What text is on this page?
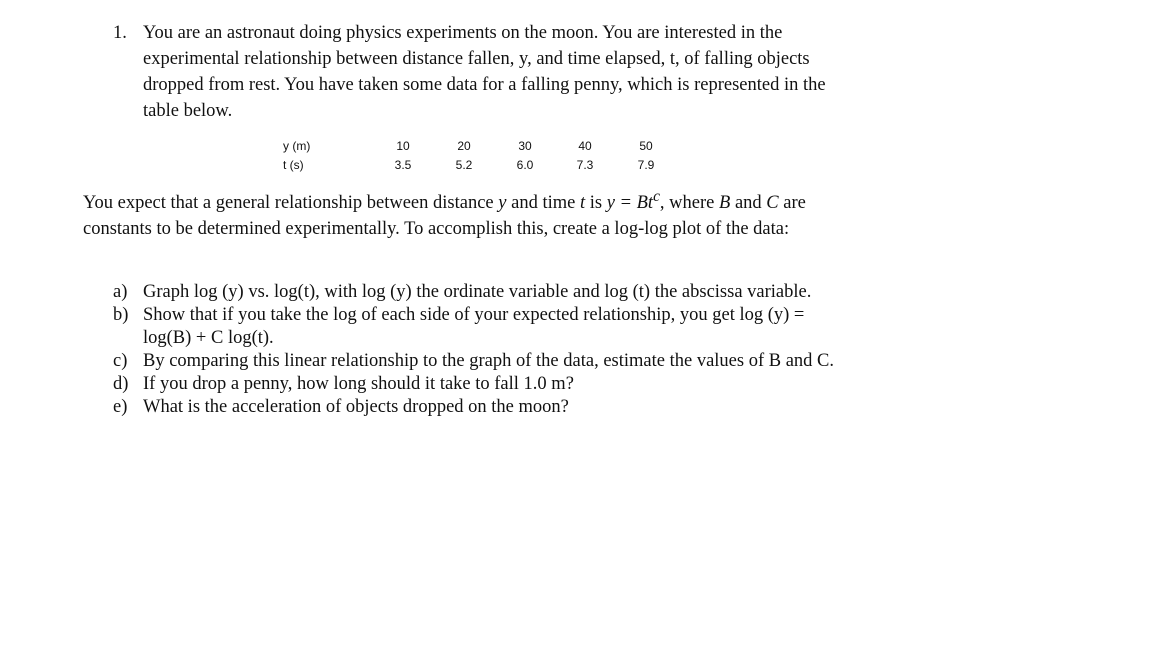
1. You are an astronaut doing physics experiments on the moon. You are interested in the experimental relationship between distance fallen, y, and time elapsed, t, of falling objects dropped from rest. You have taken some data for a falling penny, which is represented in the table below.
y (m)	10	20	30	40	50
t (s)	3.5	5.2	6.0	7.3	7.9
You expect that a general relationship between distance y and time t is $y = Bt^c$, where B and C are constants to be determined experimentally. To accomplish this, create a log-log plot of the data:
a) Graph log (y) vs. log(t), with log (y) the ordinate variable and log (t) the abscissa variable.
b) Show that if you take the log of each side of your expected relationship, you get log (y) = log(B) + C log(t).
c) By comparing this linear relationship to the graph of the data, estimate the values of B and C.
d) If you drop a penny, how long should it take to fall 1.0 m?
e) What is the acceleration of objects dropped on the moon?
